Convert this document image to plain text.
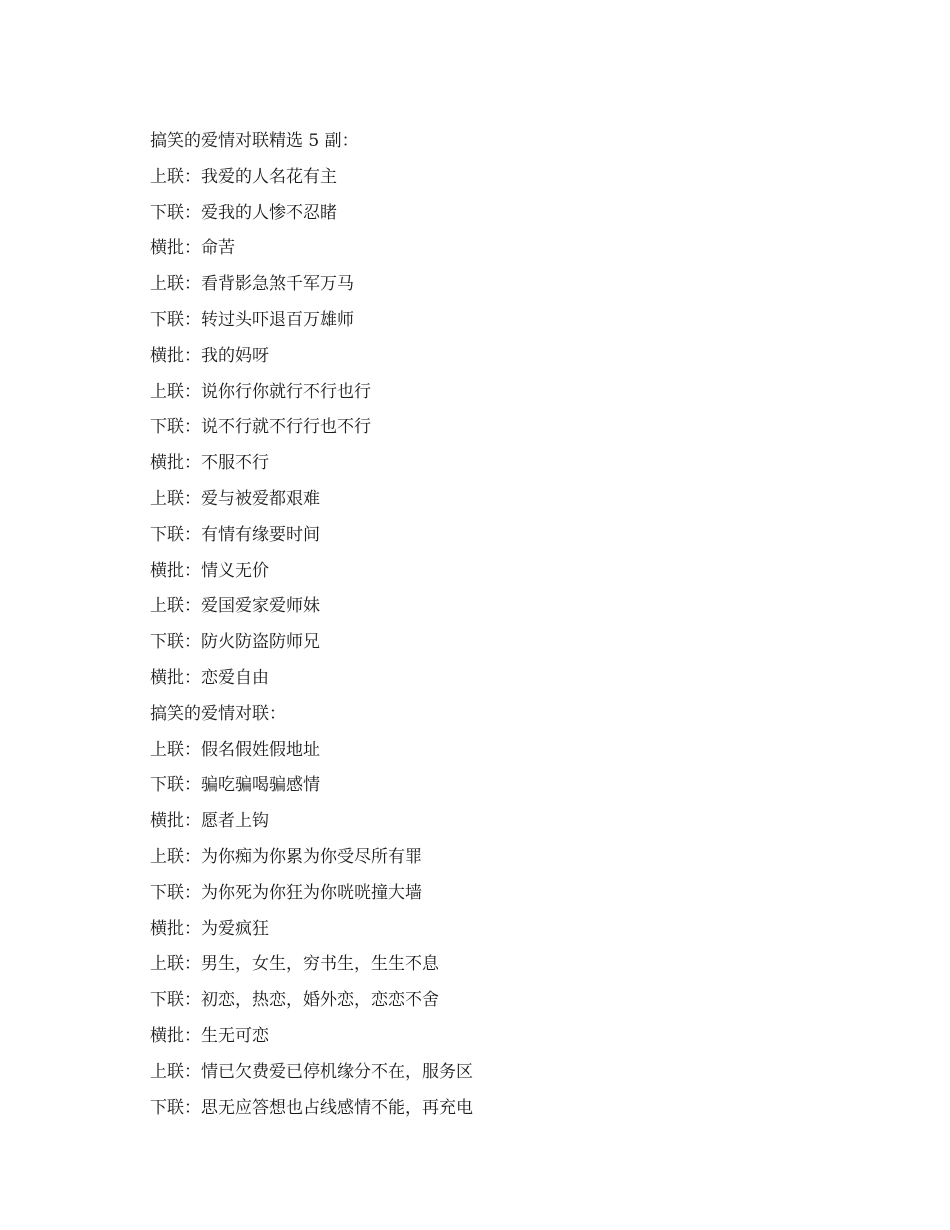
搞笑的爱情对联精选 5 副：
上联：我爱的人名花有主
下联：爱我的人惨不忍睹
横批：命苦
上联：看背影急煞千军万马
下联：转过头吓退百万雄师
横批：我的妈呀
上联：说你行你就行不行也行
下联：说不行就不行行也不行
横批：不服不行
上联：爱与被爱都艰难
下联：有情有缘要时间
横批：情义无价
上联：爱国爱家爱师妹
下联：防火防盗防师兄
横批：恋爱自由
搞笑的爱情对联：
上联：假名假姓假地址
下联：骗吃骗喝骗感情
横批：愿者上钩
上联：为你痴为你累为你受尽所有罪
下联：为你死为你狂为你咣咣撞大墙
横批：为爱疯狂
上联：男生，女生，穷书生，生生不息
下联：初恋，热恋，婚外恋，恋恋不舍
横批：生无可恋
上联：情已欠费爱已停机缘分不在，服务区
下联：思无应答想也占线感情不能，再充电
